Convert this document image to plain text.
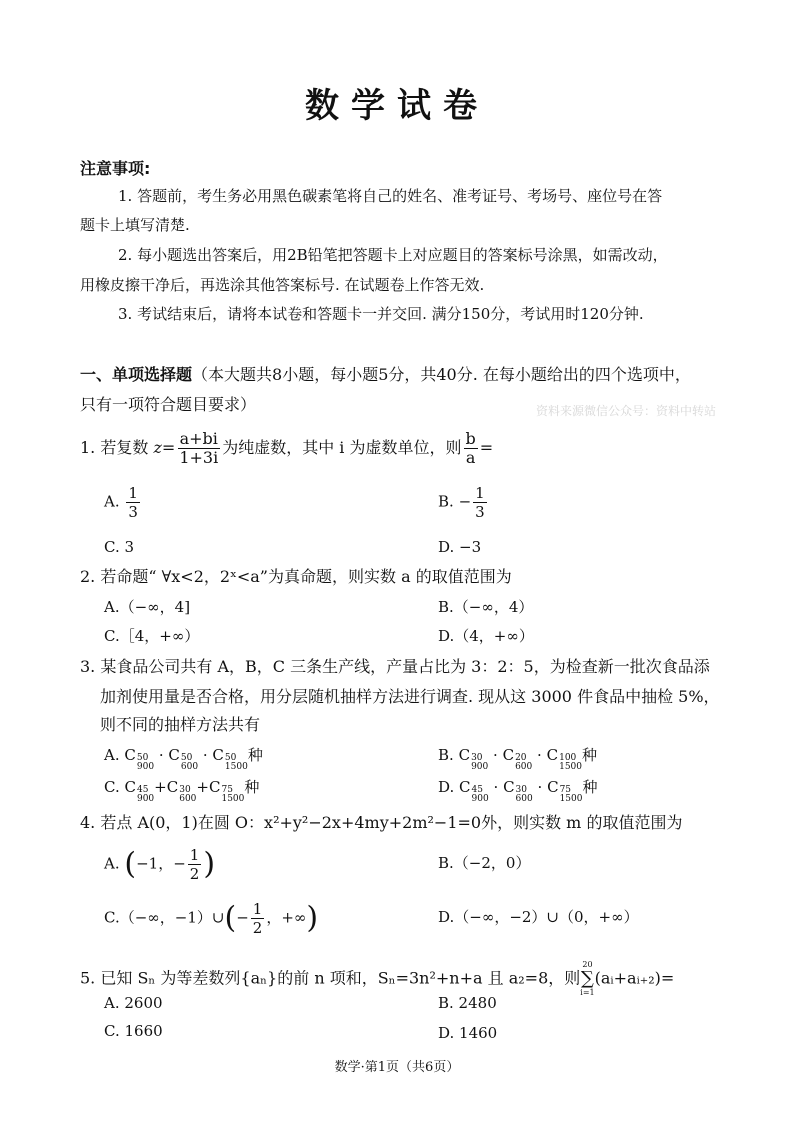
数学试卷
注意事项:
1. 答题前，考生务必用黑色碳素笔将自己的姓名、准考证号、考场号、座位号在答
题卡上填写清楚.
2. 每小题选出答案后，用2B铅笔把答题卡上对应题目的答案标号涂黑，如需改动，
用橡皮擦干净后，再选涂其他答案标号. 在试题卷上作答无效.
3. 考试结束后，请将本试卷和答题卡一并交回. 满分150分，考试用时120分钟.
一、单项选择题（本大题共8小题，每小题5分，共40分. 在每小题给出的四个选项中，
只有一项符合题目要求）	资料来源微信公众号：资料中转站
1. 若复数 $z= \frac{a+bi}{1+3i}$ 为纯虚数，其中 i 为虚数单位，则 $\frac{b}{a}$ =
A. $\frac{1}{3}$	B. − $\frac{1}{3}$
C. 3	D. −3
2. 若命题“ ∀x<2，2ˣ<a”为真命题，则实数 a 的取值范围为
A.（−∞，4]	B.（−∞，4）
C.［4，+∞）	D.（4，+∞）
3. 某食品公司共有 A，B，C 三条生产线，产量占比为 3：2：5，为检查新一批次食品添
加剂使用量是否合格，用分层随机抽样方法进行调查. 现从这 3000 件食品中抽检 5%，
则不同的抽样方法共有
A. C 50
900
· C 50
600
· C 50
1500
种	B. C 30
900
· C 20
600
· C 100
1500
种
C. C 45
900
+ C 30
600
+ C 75
1500
种	D. C 45
900
· C 30
600
· C 75
1500
种
4. 若点 A(0，1)在圆 O：x²+y²−2x+4my+2m²−1=0外，则实数 m 的取值范围为
A. (−1，− $\frac{1}{2}$ )	B.（−2，0）
C.（−∞，−1）∪(− $\frac{1}{2}$ ，+∞)	D.（−∞，−2）∪（0，+∞）
5. 已知 Sₙ 为等差数列{aₙ}的前 n 项和，Sₙ=3n²+n+a 且 a₂=8，则
20
∑
i=1
(aᵢ+aᵢ₊₂)=
A. 2600	B. 2480
C. 1660	D. 1460
数学·第1页（共6页）
